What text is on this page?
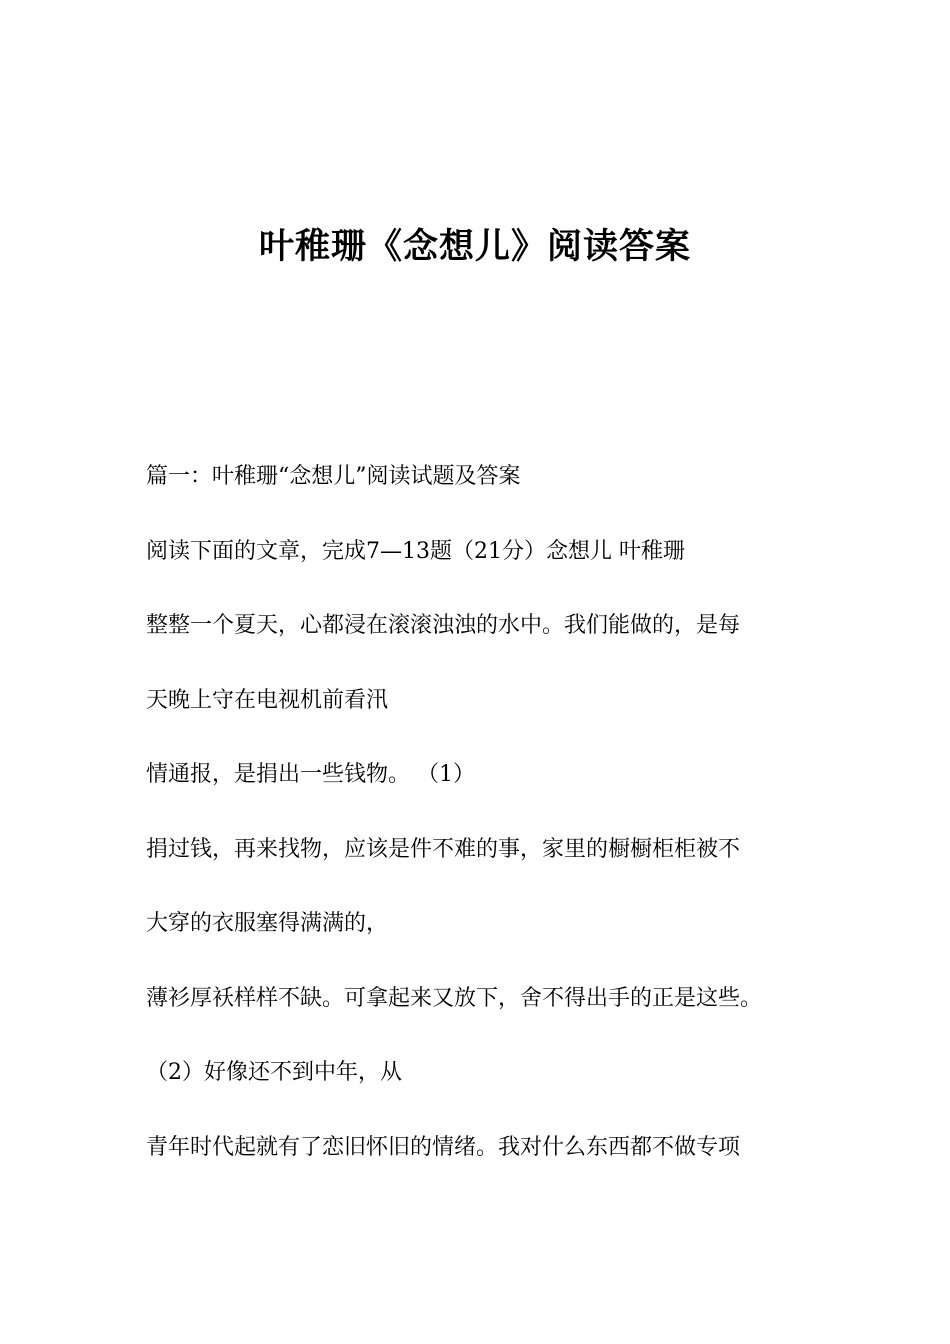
叶稚珊《念想儿》阅读答案

篇一：叶稚珊“念想儿”阅读试题及答案

阅读下面的文章，完成7—13题（21分）念想儿 叶稚珊

整整一个夏天，心都浸在滚滚浊浊的水中。我们能做的，是每

天晚上守在电视机前看汛

情通报，是捐出一些钱物。 （1）

捐过钱，再来找物，应该是件不难的事，家里的橱橱柜柜被不

大穿的衣服塞得满满的，

薄衫厚袄样样不缺。可拿起来又放下，舍不得出手的正是这些。

（2）好像还不到中年，从

青年时代起就有了恋旧怀旧的情绪。我对什么东西都不做专项
